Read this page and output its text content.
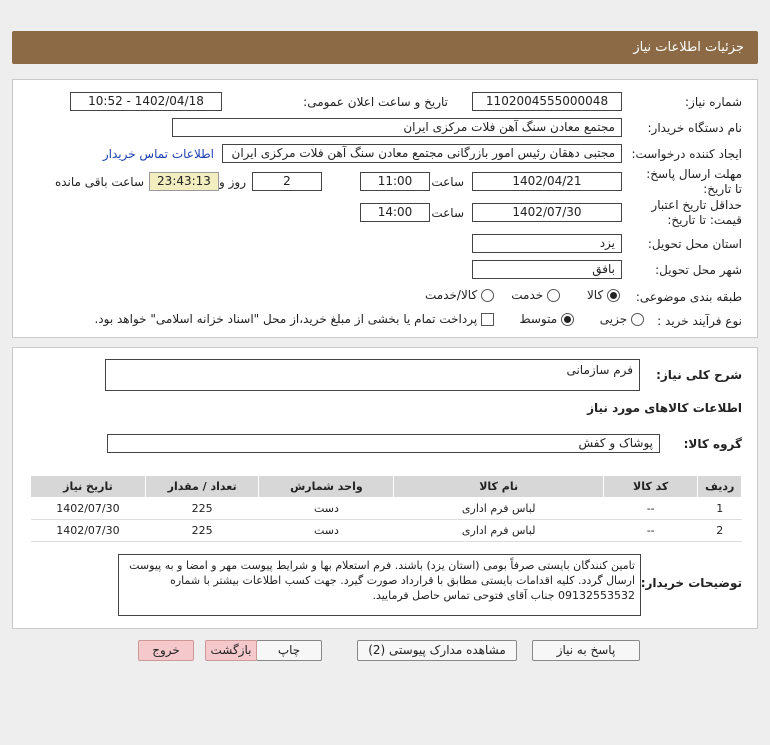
جزئيات اطلاعات نياز
شماره نياز:
1102004555000048
تاريخ و ساعت اعلان عمومی:
1402/04/18 - 10:52
نام دستگاه خريدار:
مجتمع معادن سنگ آهن فلات مرکزی ايران
ايجاد کننده درخواست:
مجتبی دهقان رئيس امور بازرگانی مجتمع معادن سنگ آهن فلات مرکزی ايران
اطلاعات تماس خريدار
مهلت ارسال پاسخ: تا تاريخ:
1402/04/21
ساعت
11:00
2
روز و
23:43:13
ساعت باقی مانده
حداقل تاريخ اعتبار قيمت: تا تاريخ:
1402/07/30
ساعت
14:00
استان محل تحويل:
يزد
شهر محل تحويل:
بافق
طبقه بندی موضوعی:
کالا
خدمت
کالا/خدمت
نوع فرآيند خريد :
جزيی
متوسط
پرداخت تمام يا بخشی از مبلغ خريد،از محل "اسناد خزانه اسلامی" خواهد بود.
شرح کلی نياز:
فرم سازمانی
اطلاعات کالاهای مورد نياز
گروه کالا:
پوشاک و کفش
رديف	کد کالا	نام کالا	واحد شمارش	تعداد / مقدار	تاريخ نياز
1	--	لباس فرم اداری	دست	225	1402/07/30
2	--	لباس فرم اداری	دست	225	1402/07/30
توضيحات خريدار:
تامين کنندگان بايستی صرفاً بومی (استان يزد) باشند. فرم استعلام بها و شرايط پيوست مهر و امضا و به پيوست ارسال گردد. کليه اقدامات بايستی مطابق با قرارداد صورت گيرد. جهت کسب اطلاعات بيشتر با شماره 09132553532 جناب آقای فتوحی تماس حاصل فرماييد.
پاسخ به نياز
مشاهده مدارک پيوستی (2)
چاپ
بازگشت
خروج
